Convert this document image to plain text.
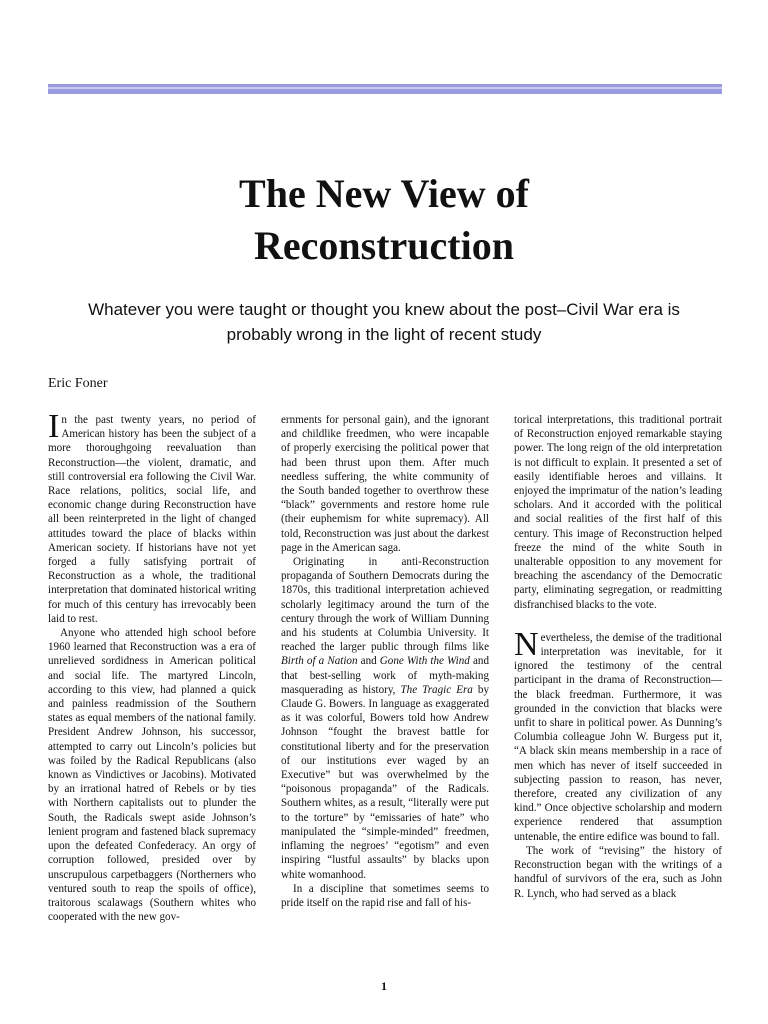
The New View of
Reconstruction

Whatever you were taught or thought you knew about the post–Civil War era is probably wrong in the light of recent study

Eric Foner

In the past twenty years, no period of American history has been the subject of a more thoroughgoing reevaluation than Reconstruction—the violent, dramatic, and still controversial era following the Civil War. Race relations, politics, social life, and economic change during Reconstruction have all been reinterpreted in the light of changed attitudes toward the place of blacks within American society. If historians have not yet forged a fully satisfying portrait of Reconstruction as a whole, the traditional interpretation that dominated historical writing for much of this century has irrevocably been laid to rest.

Anyone who attended high school before 1960 learned that Reconstruction was a era of unrelieved sordidness in American political and social life. The martyred Lincoln, according to this view, had planned a quick and painless readmission of the Southern states as equal members of the national family. President Andrew Johnson, his successor, attempted to carry out Lincoln’s policies but was foiled by the Radical Republicans (also known as Vindictives or Jacobins). Motivated by an irrational hatred of Rebels or by ties with Northern capitalists out to plunder the South, the Radicals swept aside Johnson’s lenient program and fastened black supremacy upon the defeated Confederacy. An orgy of corruption followed, presided over by unscrupulous carpetbaggers (Northerners who ventured south to reap the spoils of office), traitorous scalawags (Southern whites who cooperated with the new gov-

ernments for personal gain), and the ignorant and childlike freedmen, who were incapable of properly exercising the political power that had been thrust upon them. After much needless suffering, the white community of the South banded together to overthrow these “black” governments and restore home rule (their euphemism for white supremacy). All told, Reconstruction was just about the darkest page in the American saga.

Originating in anti-Reconstruction propaganda of Southern Democrats during the 1870s, this traditional interpretation achieved scholarly legitimacy around the turn of the century through the work of William Dunning and his students at Columbia University. It reached the larger public through films like Birth of a Nation and Gone With the Wind and that best-selling work of myth-making masquerading as history, The Tragic Era by Claude G. Bowers. In language as exaggerated as it was colorful, Bowers told how Andrew Johnson “fought the bravest battle for constitutional liberty and for the preservation of our institutions ever waged by an Executive” but was overwhelmed by the “poisonous propaganda” of the Radicals. Southern whites, as a result, “literally were put to the torture” by “emissaries of hate” who manipulated the “simple-minded” freedmen, inflaming the negroes’ “egotism” and even inspiring “lustful assaults” by blacks upon white womanhood.

In a discipline that sometimes seems to pride itself on the rapid rise and fall of his-

torical interpretations, this traditional portrait of Reconstruction enjoyed remarkable staying power. The long reign of the old interpretation is not difficult to explain. It presented a set of easily identifiable heroes and villains. It enjoyed the imprimatur of the nation’s leading scholars. And it accorded with the political and social realities of the first half of this century. This image of Reconstruction helped freeze the mind of the white South in unalterable opposition to any movement for breaching the ascendancy of the Democratic party, eliminating segregation, or readmitting disfranchised blacks to the vote.

Nevertheless, the demise of the traditional interpretation was inevitable, for it ignored the testimony of the central participant in the drama of Reconstruction—the black freedman. Furthermore, it was grounded in the conviction that blacks were unfit to share in political power. As Dunning’s Columbia colleague John W. Burgess put it, “A black skin means membership in a race of men which has never of itself succeeded in subjecting passion to reason, has never, therefore, created any civilization of any kind.” Once objective scholarship and modern experience rendered that assumption untenable, the entire edifice was bound to fall.

The work of “revising” the history of Reconstruction began with the writings of a handful of survivors of the era, such as John R. Lynch, who had served as a black

1
